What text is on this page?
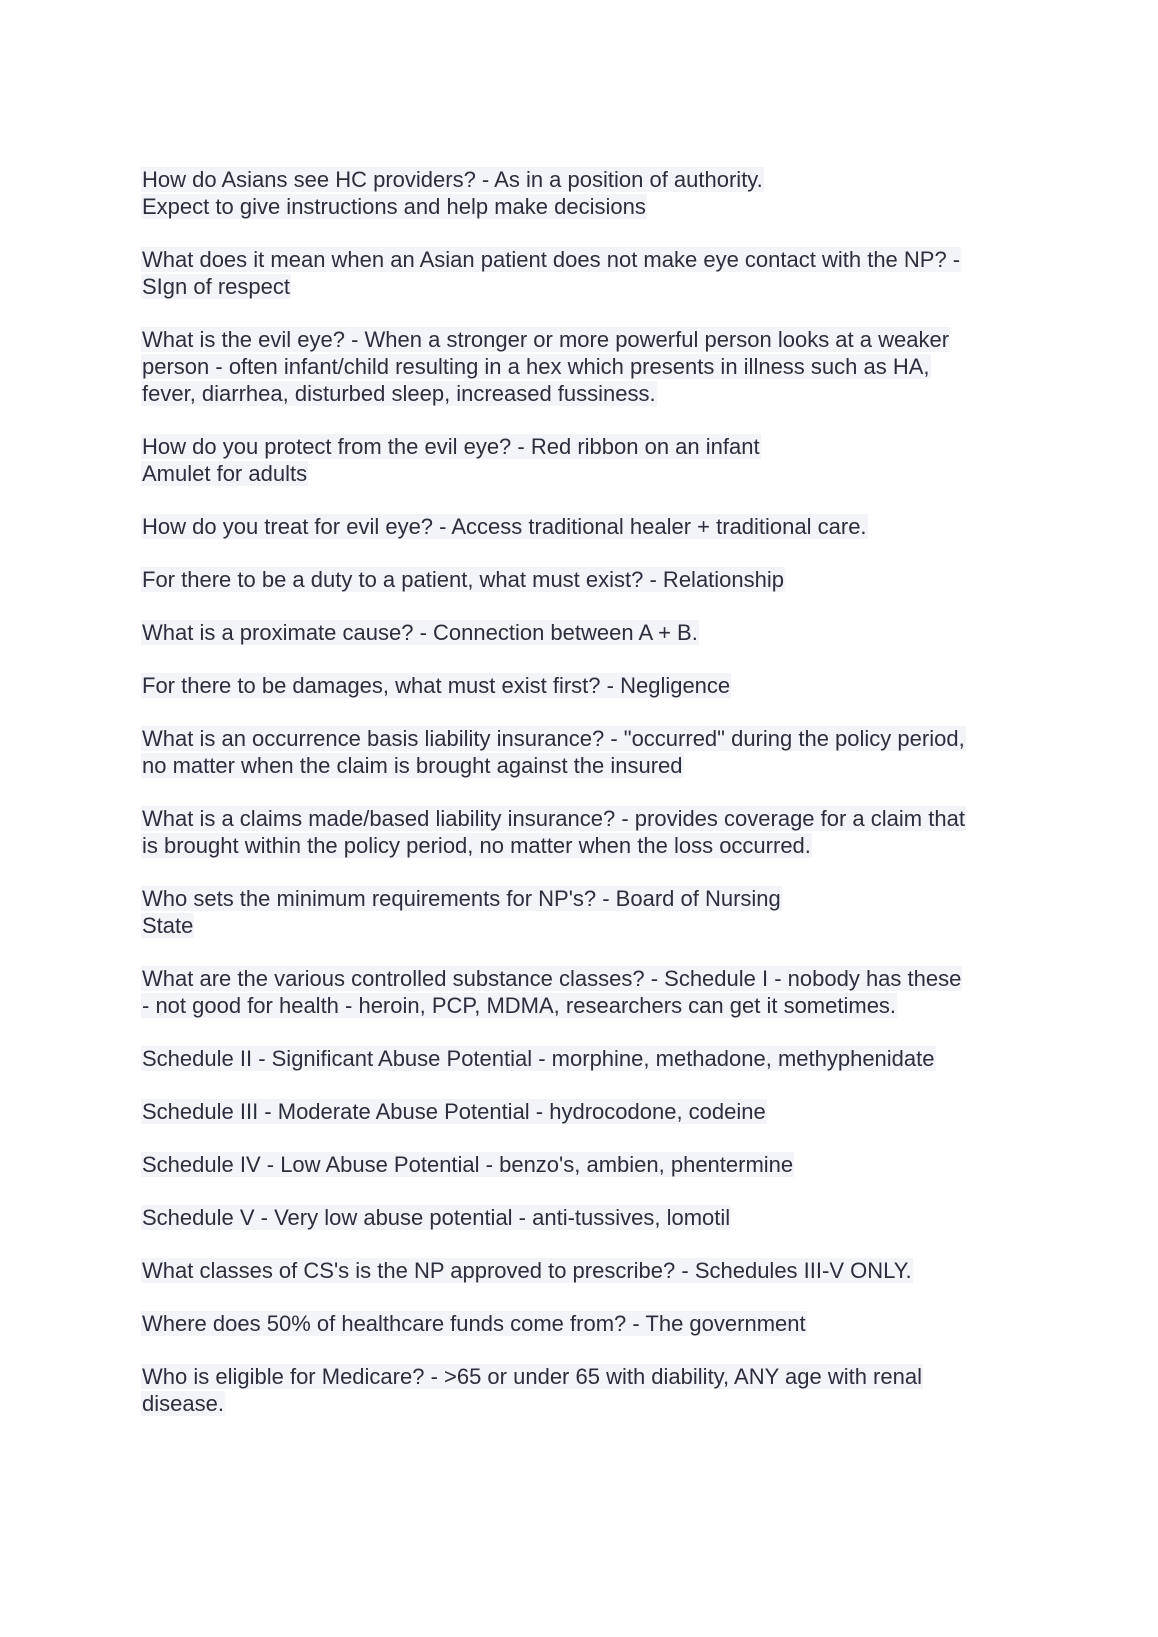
How do Asians see HC providers? - As in a position of authority.
Expect to give instructions and help make decisions
What does it mean when an Asian patient does not make eye contact with the NP? -
SIgn of respect
What is the evil eye? - When a stronger or more powerful person looks at a weaker
person - often infant/child resulting in a hex which presents in illness such as HA,
fever, diarrhea, disturbed sleep, increased fussiness.
How do you protect from the evil eye? - Red ribbon on an infant
Amulet for adults
How do you treat for evil eye? - Access traditional healer + traditional care.
For there to be a duty to a patient, what must exist? - Relationship
What is a proximate cause? - Connection between A + B.
For there to be damages, what must exist first? - Negligence
What is an occurrence basis liability insurance? - "occurred" during the policy period,
no matter when the claim is brought against the insured
What is a claims made/based liability insurance? - provides coverage for a claim that
is brought within the policy period, no matter when the loss occurred.
Who sets the minimum requirements for NP's? - Board of Nursing
State
What are the various controlled substance classes? - Schedule I - nobody has these
- not good for health - heroin, PCP, MDMA, researchers can get it sometimes.
Schedule II - Significant Abuse Potential - morphine, methadone, methyphenidate
Schedule III - Moderate Abuse Potential - hydrocodone, codeine
Schedule IV - Low Abuse Potential - benzo's, ambien, phentermine
Schedule V - Very low abuse potential - anti-tussives, lomotil
What classes of CS's is the NP approved to prescribe? - Schedules III-V ONLY.
Where does 50% of healthcare funds come from? - The government
Who is eligible for Medicare? - >65 or under 65 with diability, ANY age with renal
disease.
